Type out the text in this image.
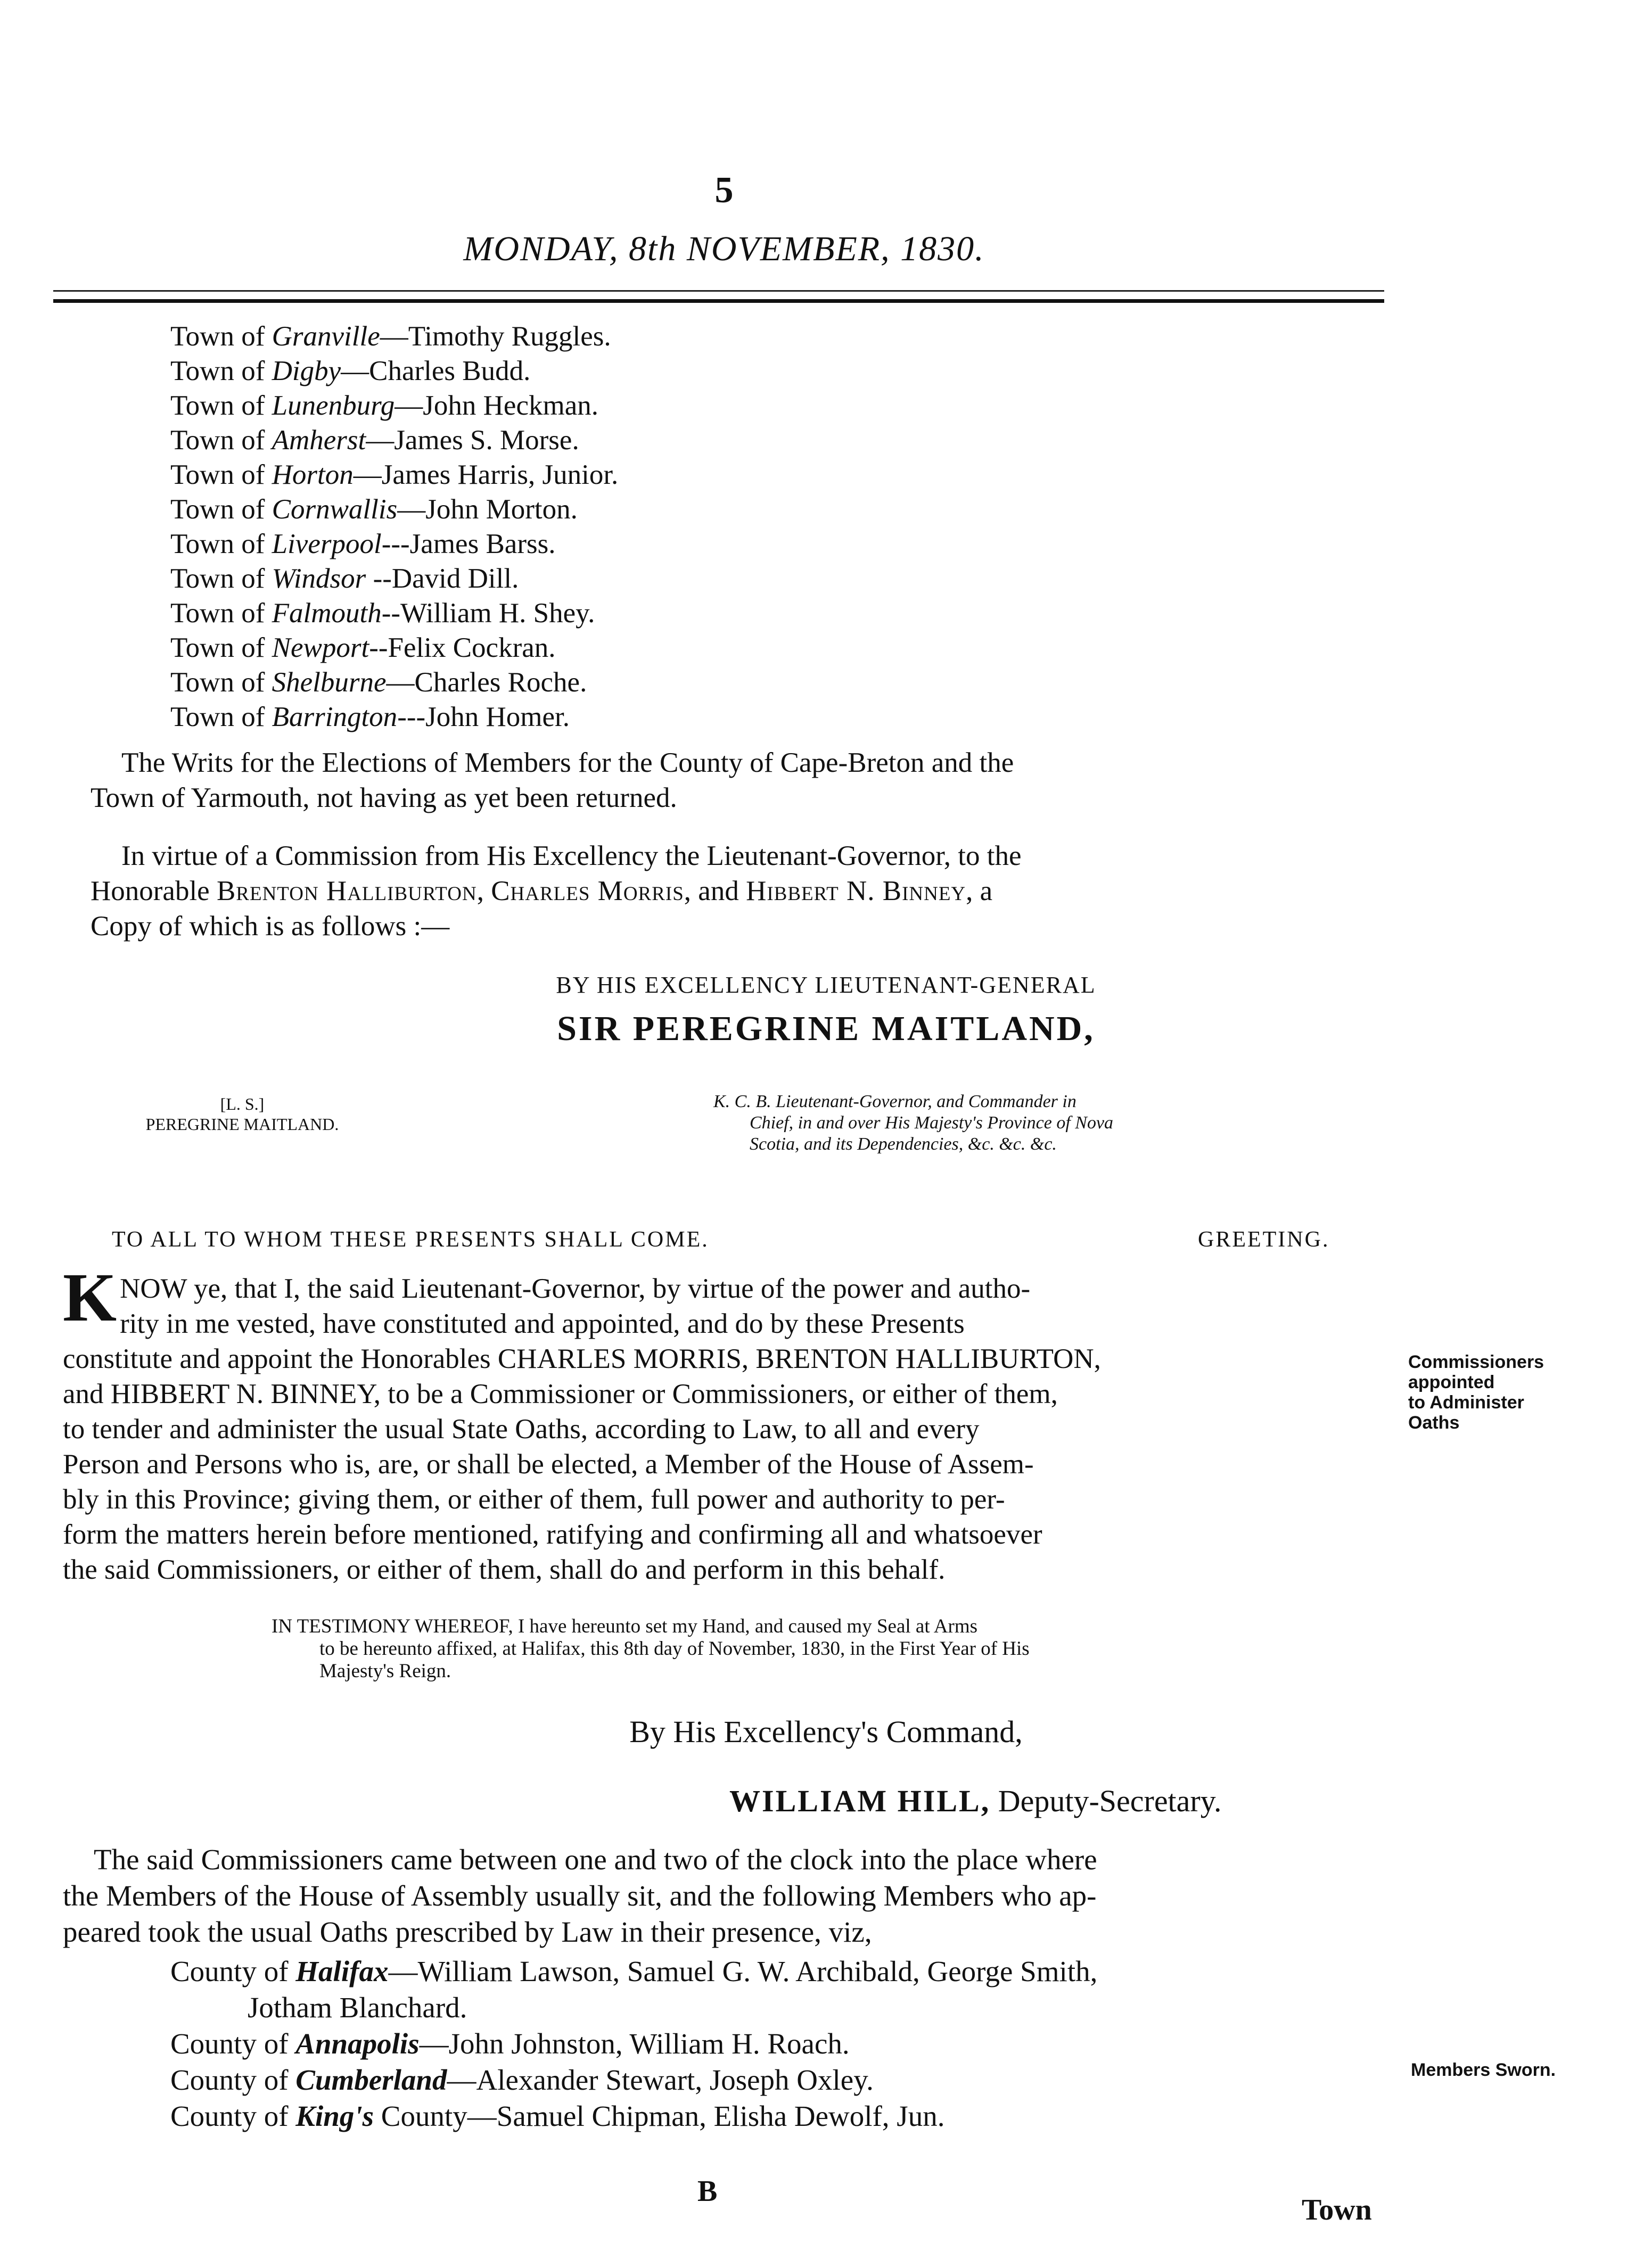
5
MONDAY, 8th NOVEMBER, 1830.
Town of Granville—Timothy Ruggles.
Town of Digby—Charles Budd.
Town of Lunenburg—John Heckman.
Town of Amherst—James S. Morse.
Town of Horton—James Harris, Junior.
Town of Cornwallis—John Morton.
Town of Liverpool---James Barss.
Town of Windsor --David Dill.
Town of Falmouth--William H. Shey.
Town of Newport--Felix Cockran.
Town of Shelburne—Charles Roche.
Town of Barrington---John Homer.
The Writs for the Elections of Members for the County of Cape-Breton and the
Town of Yarmouth, not having as yet been returned.
In virtue of a Commission from His Excellency the Lieutenant-Governor, to the
Honorable Brenton Halliburton, Charles Morris, and Hibbert N. Binney, a
Copy of which is as follows :—
BY HIS EXCELLENCY LIEUTENANT-GENERAL
SIR PEREGRINE MAITLAND,
[L. S.]
PEREGRINE MAITLAND.
K. C. B. Lieutenant-Governor, and Commander in
Chief, in and over His Majesty's Province of Nova
Scotia, and its Dependencies, &c. &c. &c.
TO ALL TO WHOM THESE PRESENTS SHALL COME.	GREETING.
K NOW ye, that I, the said Lieutenant-Governor, by virtue of the power and autho-
rity in me vested, have constituted and appointed, and do by these Presents
constitute and appoint the Honorables CHARLES MORRIS, BRENTON HALLIBURTON,
and HIBBERT N. BINNEY, to be a Commissioner or Commissioners, or either of them,
to tender and administer the usual State Oaths, according to Law, to all and every
Person and Persons who is, are, or shall be elected, a Member of the House of Assem-
bly in this Province; giving them, or either of them, full power and authority to per-
form the matters herein before mentioned, ratifying and confirming all and whatsoever
the said Commissioners, or either of them, shall do and perform in this behalf.
Commissioners
appointed
to Administer
Oaths
IN TESTIMONY WHEREOF, I have hereunto set my Hand, and caused my Seal at Arms
to be hereunto affixed, at Halifax, this 8th day of November, 1830, in the First Year of His
Majesty's Reign.
By His Excellency's Command,
WILLIAM HILL, Deputy-Secretary.
The said Commissioners came between one and two of the clock into the place where
the Members of the House of Assembly usually sit, and the following Members who ap-
peared took the usual Oaths prescribed by Law in their presence, viz,
County of Halifax—William Lawson, Samuel G. W. Archibald, George Smith,
Jotham Blanchard.
County of Annapolis—John Johnston, William H. Roach.
County of Cumberland—Alexander Stewart, Joseph Oxley.
County of King's County—Samuel Chipman, Elisha Dewolf, Jun.
Members Sworn.
B
Town
